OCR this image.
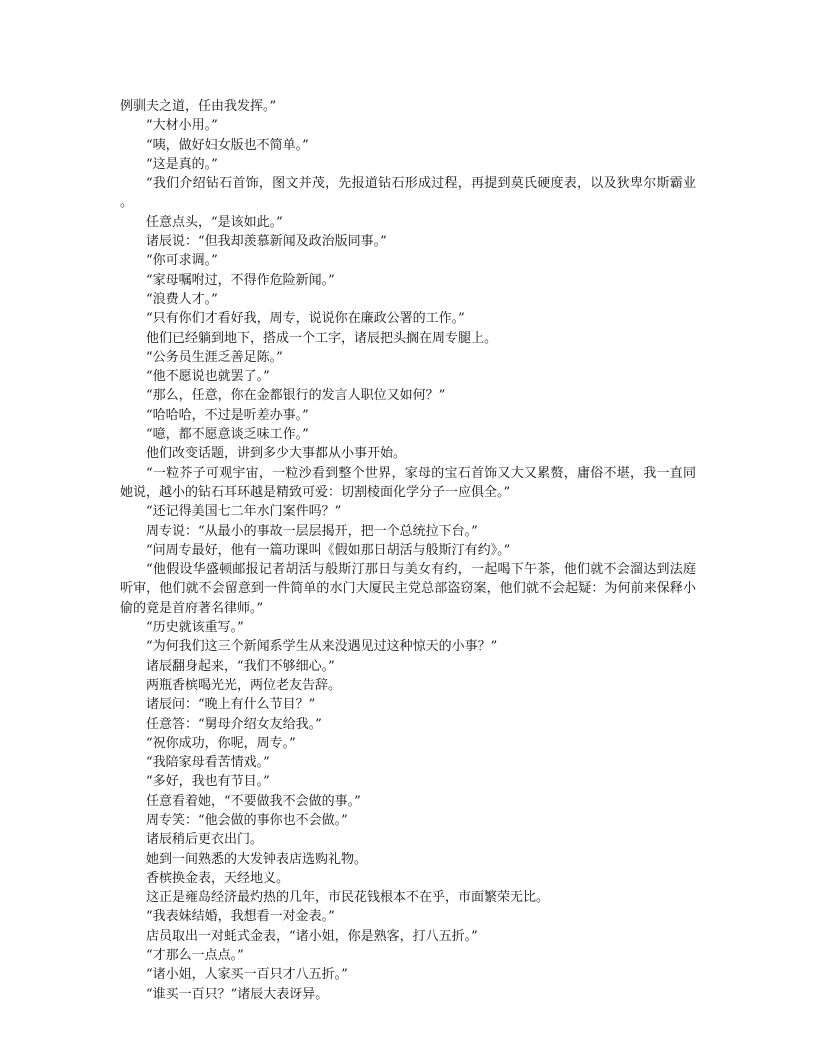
例驯夫之道，任由我发挥。”

“大材小用。”

“咦，做好妇女版也不简单。”

“这是真的。”

“我们介绍钻石首饰，图文并茂，先报道钻石形成过程，再提到莫氏硬度表，以及狄卑尔斯霸业。

任意点头，“是该如此。”

诸辰说：“但我却羡慕新闻及政治版同事。”

“你可求调。”

“家母嘱咐过，不得作危险新闻。”

“浪费人才。”

“只有你们才看好我，周专，说说你在廉政公署的工作。”

他们已经躺到地下，搭成一个工字，诸辰把头搁在周专腿上。

“公务员生涯乏善足陈。”

“他不愿说也就罢了。”

“那么，任意，你在金都银行的发言人职位又如何？”

“哈哈哈，不过是听差办事。”

“噫，都不愿意谈乏味工作。”

他们改变话题，讲到多少大事都从小事开始。

“一粒芥子可观宇宙，一粒沙看到整个世界，家母的宝石首饰又大又累赘，庸俗不堪，我一直同她说，越小的钻石耳环越是精致可爱：切割棱面化学分子一应俱全。”

“还记得美国七二年水门案件吗？”

周专说：“从最小的事故一层层揭开，把一个总统拉下台。”

“问周专最好，他有一篇功课叫《假如那日胡活与般斯汀有约》。”

“他假设华盛顿邮报记者胡活与般斯汀那日与美女有约，一起喝下午茶，他们就不会溜达到法庭听审，他们就不会留意到一件简单的水门大厦民主党总部盗窃案，他们就不会起疑：为何前来保释小偷的竟是首府著名律师。”

“历史就该重写。”

“为何我们这三个新闻系学生从来没遇见过这种惊天的小事？”

诸辰翻身起来，“我们不够细心。”

两瓶香槟喝光光，两位老友告辞。

诸辰问：“晚上有什么节目？”

任意答：“舅母介绍女友给我。”

“祝你成功，你呢，周专。”

“我陪家母看苦情戏。”

“多好，我也有节目。”

任意看着她，“不要做我不会做的事。”

周专笑：“他会做的事你也不会做。”

诸辰稍后更衣出门。

她到一间熟悉的大发钟表店选购礼物。

香槟换金表，天经地义。

这正是雍岛经济最灼热的几年，市民花钱根本不在乎，市面繁荣无比。

“我表妹结婚，我想看一对金表。”

店员取出一对蚝式金表，“诸小姐，你是熟客，打八五折。”

“才那么一点点。”

“诸小姐，人家买一百只才八五折。”

“谁买一百只？”诸辰大表讶异。
